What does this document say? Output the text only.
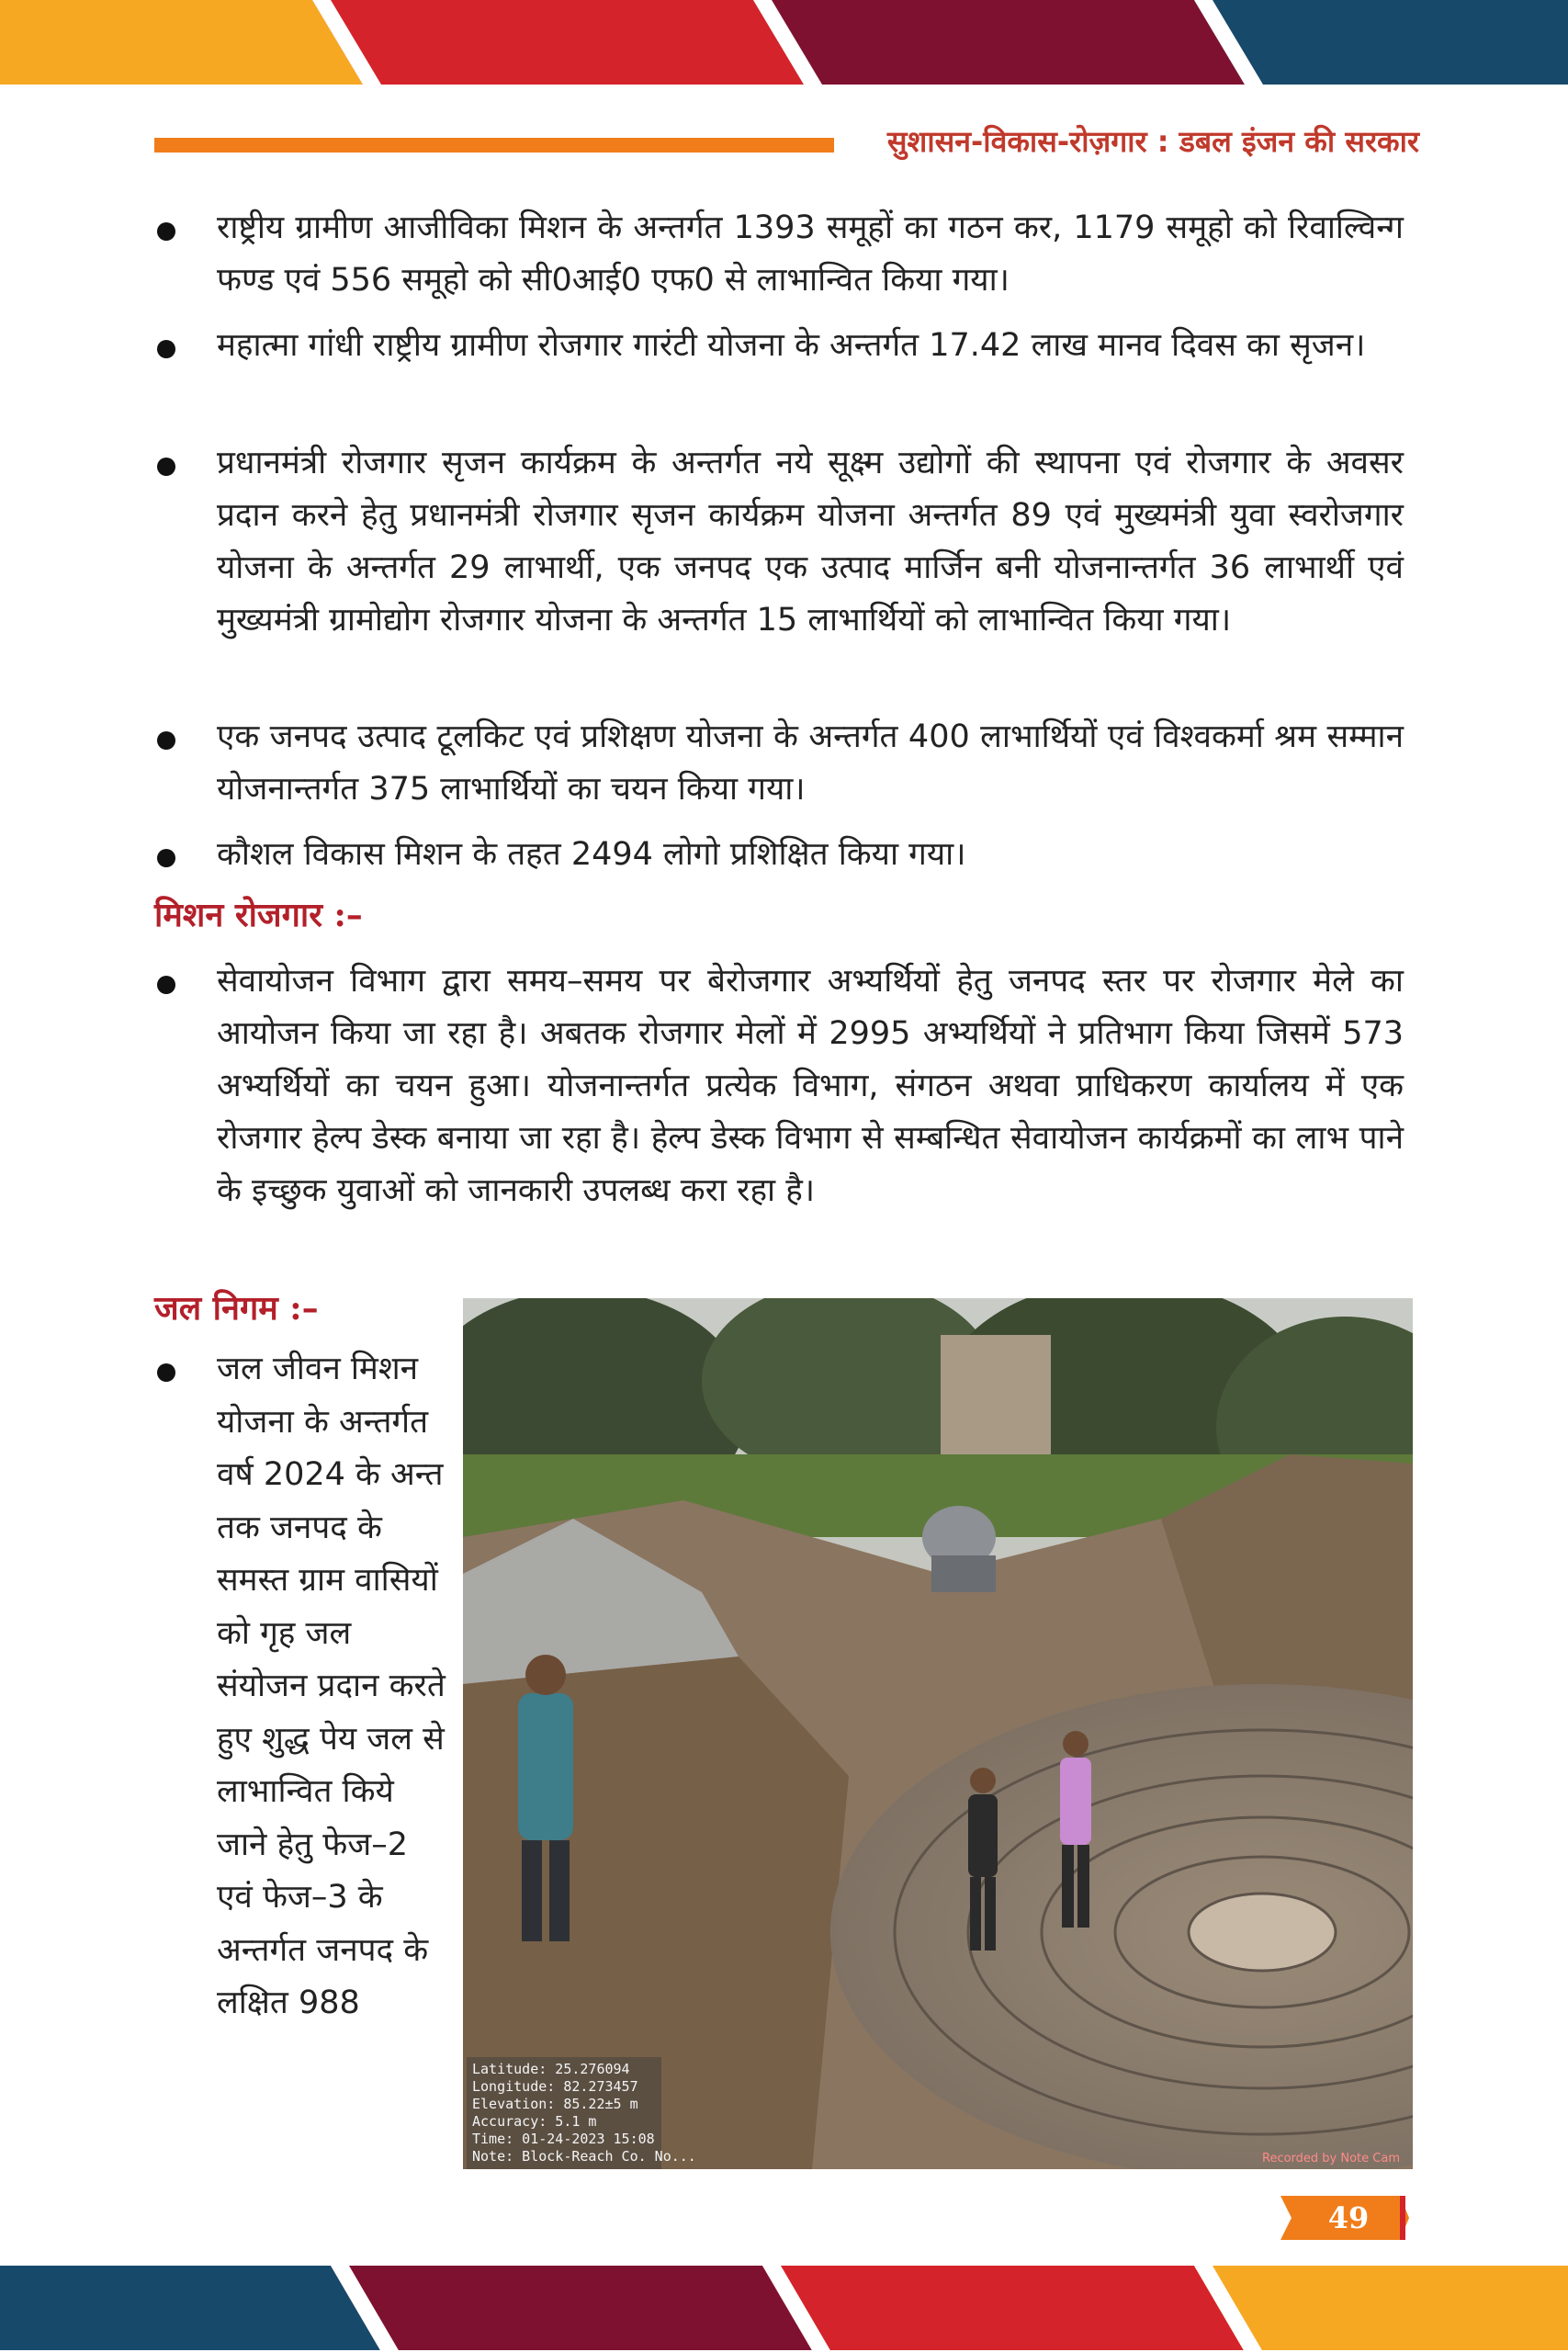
सुशासन-विकास-रोज़गार : डबल इंजन की सरकार
राष्ट्रीय ग्रामीण आजीविका मिशन के अन्तर्गत 1393 समूहों का गठन कर, 1179 समूहो को रिवाल्विन्ग फण्ड एवं 556 समूहो को सी0आई0 एफ0 से लाभान्वित किया गया।
महात्मा गांधी राष्ट्रीय ग्रामीण रोजगार गारंटी योजना के अन्तर्गत 17.42 लाख मानव दिवस का सृजन।
प्रधानमंत्री रोजगार सृजन कार्यक्रम के अन्तर्गत नये सूक्ष्म उद्योगों की स्थापना एवं रोजगार के अवसर प्रदान करने हेतु प्रधानमंत्री रोजगार सृजन कार्यक्रम योजना अन्तर्गत 89 एवं मुख्यमंत्री युवा स्वरोजगार योजना के अन्तर्गत 29 लाभार्थी, एक जनपद एक उत्पाद मार्जिन बनी योजनान्तर्गत 36 लाभार्थी एवं मुख्यमंत्री ग्रामोद्योग रोजगार योजना के अन्तर्गत 15 लाभार्थियों को लाभान्वित किया गया।
एक जनपद उत्पाद टूलकिट एवं प्रशिक्षण योजना के अन्तर्गत 400 लाभार्थियों एवं विश्वकर्मा श्रम सम्मान योजनान्तर्गत 375 लाभार्थियों का चयन किया गया।
कौशल विकास मिशन के तहत 2494 लोगो प्रशिक्षित किया गया।
मिशन रोजगार :–
सेवायोजन विभाग द्वारा समय–समय पर बेरोजगार अभ्यर्थियों हेतु जनपद स्तर पर रोजगार मेले का आयोजन किया जा रहा है। अबतक रोजगार मेलों में 2995 अभ्यर्थियों ने प्रतिभाग किया जिसमें 573 अभ्यर्थियों का चयन हुआ। योजनान्तर्गत प्रत्येक विभाग, संगठन अथवा प्राधिकरण कार्यालय में एक रोजगार हेल्प डेस्क बनाया जा रहा है। हेल्प डेस्क विभाग से सम्बन्धित सेवायोजन कार्यक्रमों का लाभ पाने के इच्छुक युवाओं को जानकारी उपलब्ध करा रहा है।
जल निगम :–
जल जीवन मिशन योजना के अन्तर्गत वर्ष 2024 के अन्त तक जनपद के समस्त ग्राम वासियों को गृह जल संयोजन प्रदान करते हुए शुद्ध पेय जल से लाभान्वित किये जाने हेतु फेज–2 एवं फेज–3 के अन्तर्गत जनपद के लक्षित 988
Latitude: 25.276094
Longitude: 82.273457
Elevation: 85.22±5 m
Accuracy: 5.1 m
Time: 01-24-2023 15:08
Note: Block-Reach Co. No...	Recorded by Note Cam
49
